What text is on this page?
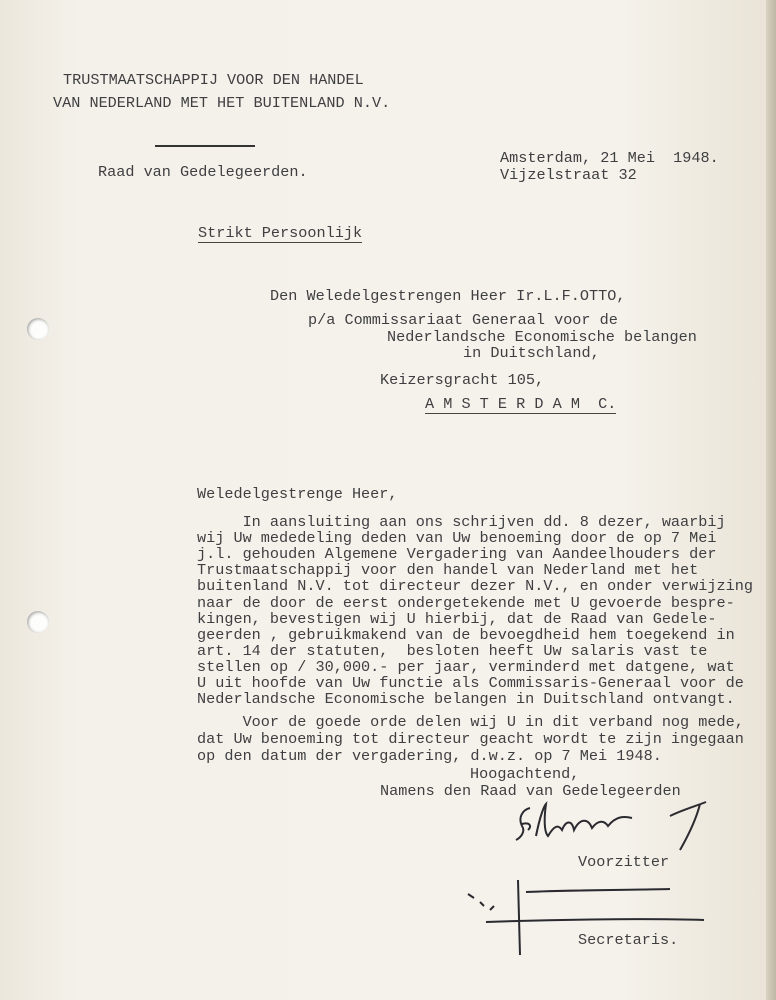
TRUSTMAATSCHAPPIJ VOOR DEN HANDEL
VAN NEDERLAND MET HET BUITENLAND N.V.
Raad van Gedelegeerden.
Amsterdam, 21 Mei  1948.
Vijzelstraat 32
Strikt Persoonlijk
Den Weledelgestrengen Heer Ir.L.F.OTTO,
p/a Commissariaat Generaal voor de
Nederlandsche Economische belangen
in Duitschland,
Keizersgracht 105,
A M S T E R D A M  C.
Weledelgestrenge Heer,
In aansluiting aan ons schrijven dd. 8 dezer, waarbij
wij Uw mededeling deden van Uw benoeming door de op 7 Mei
j.l. gehouden Algemene Vergadering van Aandeelhouders der
Trustmaatschappij voor den handel van Nederland met het
buitenland N.V. tot directeur dezer N.V., en onder verwijzing
naar de door de eerst ondergetekende met U gevoerde bespre-
kingen, bevestigen wij U hierbij, dat de Raad van Gedele-
geerden , gebruikmakend van de bevoegdheid hem toegekend in
art. 14 der statuten,  besloten heeft Uw salaris vast te
stellen op / 30,000.- per jaar, verminderd met datgene, wat
U uit hoofde van Uw functie als Commissaris-Generaal voor de
Nederlandsche Economische belangen in Duitschland ontvangt.
Voor de goede orde delen wij U in dit verband nog mede,
dat Uw benoeming tot directeur geacht wordt te zijn ingegaan
op den datum der vergadering, d.w.z. op 7 Mei 1948.
Hoogachtend,
Namens den Raad van Gedelegeerden
Voorzitter
Secretaris.
